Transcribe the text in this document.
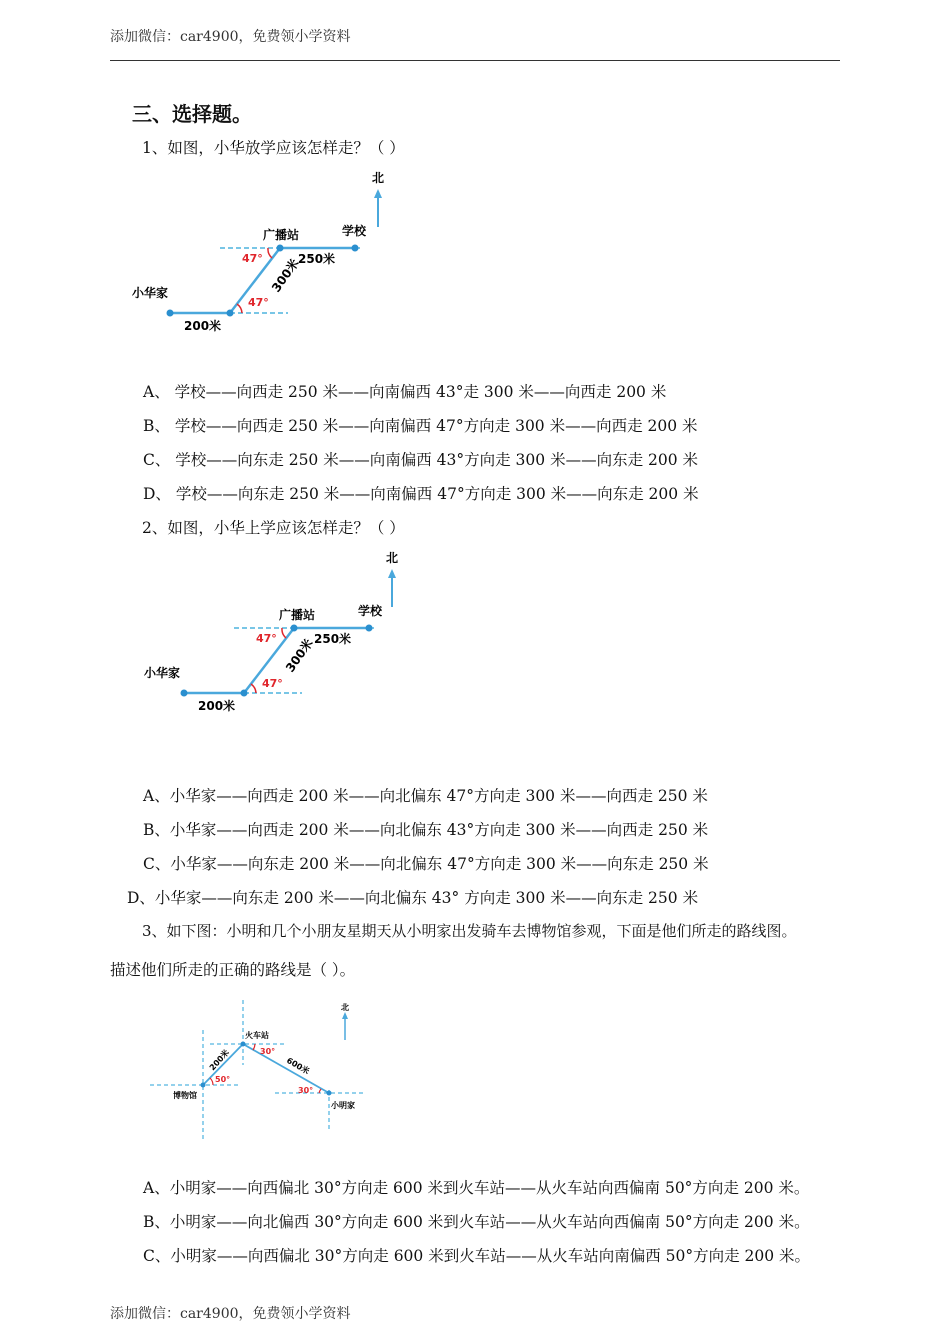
添加微信：car4900，免费领小学资料
三、选择题。
1、如图，小华放学应该怎样走？（ ）
北
广播站	学校
小华家
250米
200米
300米
47°
47°
A、 学校——向西走 250 米——向南偏西 43°走 300 米——向西走 200 米
B、 学校——向西走 250 米——向南偏西 47°方向走 300 米——向西走 200 米
C、 学校——向东走 250 米——向南偏西 43°方向走 300 米——向东走 200 米
D、 学校——向东走 250 米——向南偏西 47°方向走 300 米——向东走 200 米
2、如图，小华上学应该怎样走？（ ）
北
广播站	学校
小华家
250米
200米
300米
47°
47°
A、小华家——向西走 200 米——向北偏东 47°方向走 300 米——向西走 250 米
B、小华家——向西走 200 米——向北偏东 43°方向走 300 米——向西走 250 米
C、小华家——向东走 200 米——向北偏东 47°方向走 300 米——向东走 250 米
D、小华家——向东走 200 米——向北偏东 43° 方向走 300 米——向东走 250 米
3、如下图：小明和几个小朋友星期天从小明家出发骑车去博物馆参观，下面是他们所走的路线图。
描述他们所走的正确的路线是（ ）。
北
火车站
博物馆
小明家
200米	600米
30°
50°
30°
A、小明家——向西偏北 30°方向走 600 米到火车站——从火车站向西偏南 50°方向走 200 米。
B、小明家——向北偏西 30°方向走 600 米到火车站——从火车站向西偏南 50°方向走 200 米。
C、小明家——向西偏北 30°方向走 600 米到火车站——从火车站向南偏西 50°方向走 200 米。
添加微信：car4900，免费领小学资料
